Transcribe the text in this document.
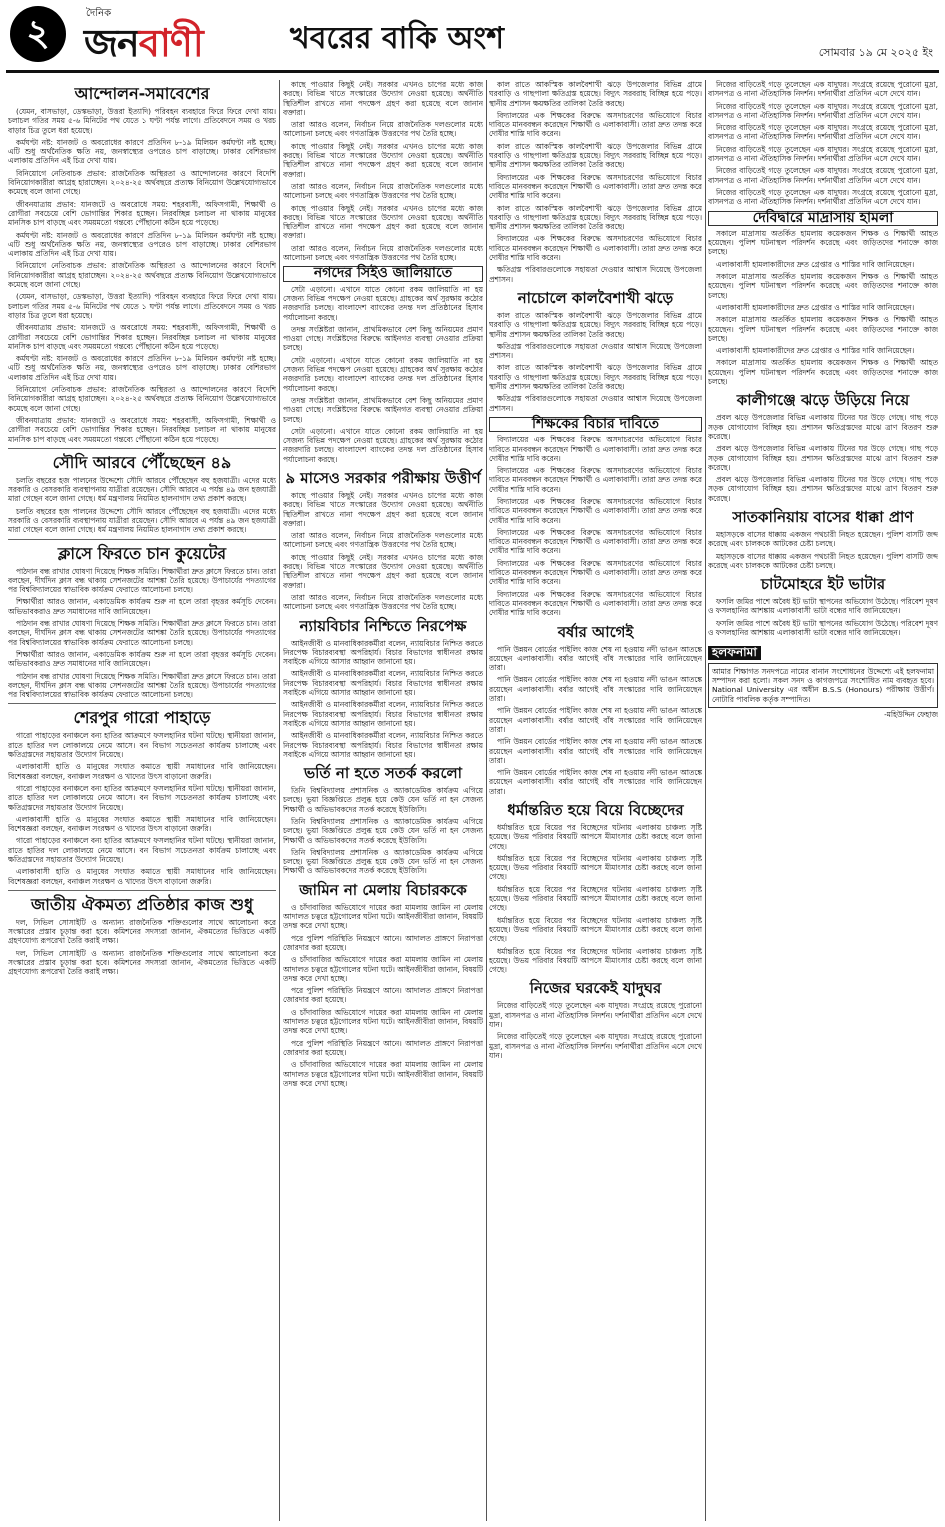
২	দৈনিক
জনবাণী	খবরের বাকি অংশ	সোমবার ১৯ মে ২০২৫ ইং
আন্দোলন-সমাবেশের

(যেমন, বাসভাড়া, ডেস্কভাড়া, উত্তরা ইত্যাদি) পরিবহন ব্যবহারে ফিরে ফিরে দেখা যায়। চলাচল গতির সময় ৫-৬ মিনিটের পথ যেতে ১ ঘণ্টা পর্যন্ত লাগে। প্রতিবেদনে সময় ও খরচ বাড়ার চিত্র তুলে ধরা হয়েছে।

কর্মঘণ্টা নষ্ট: যানজট ও অবরোধের কারণে প্রতিদিন ৮-১৯ মিলিয়ন কর্মঘণ্টা নষ্ট হচ্ছে। এটি শুধু অর্থনৈতিক ক্ষতি নয়, জনস্বাস্থ্যের ওপরেও চাপ বাড়াচ্ছে। ঢাকার বেশিরভাগ এলাকায় প্রতিদিন এই চিত্র দেখা যায়।

বিনিয়োগে নেতিবাচক প্রভাব: রাজনৈতিক অস্থিরতা ও আন্দোলনের কারণে বিদেশি বিনিয়োগকারীরা আগ্রহ হারাচ্ছেন। ২০২৪-২৫ অর্থবছরে প্রত্যক্ষ বিনিয়োগ উল্লেখযোগ্যভাবে কমেছে বলে জানা গেছে।

জীবনযাত্রায় প্রভাব: যানজটে ও অবরোধে সময়: শহরবাসী, অফিসগামী, শিক্ষার্থী ও রোগীরা সবচেয়ে বেশি ভোগান্তির শিকার হচ্ছেন। নিরবচ্ছিন্ন চলাচল না থাকায় মানুষের মানসিক চাপ বাড়ছে এবং সময়মতো গন্তব্যে পৌঁছানো কঠিন হয়ে পড়েছে।

কর্মঘণ্টা নষ্ট: যানজট ও অবরোধের কারণে প্রতিদিন ৮-১৯ মিলিয়ন কর্মঘণ্টা নষ্ট হচ্ছে। এটি শুধু অর্থনৈতিক ক্ষতি নয়, জনস্বাস্থ্যের ওপরেও চাপ বাড়াচ্ছে। ঢাকার বেশিরভাগ এলাকায় প্রতিদিন এই চিত্র দেখা যায়।

বিনিয়োগে নেতিবাচক প্রভাব: রাজনৈতিক অস্থিরতা ও আন্দোলনের কারণে বিদেশি বিনিয়োগকারীরা আগ্রহ হারাচ্ছেন। ২০২৪-২৫ অর্থবছরে প্রত্যক্ষ বিনিয়োগ উল্লেখযোগ্যভাবে কমেছে বলে জানা গেছে।

(যেমন, বাসভাড়া, ডেস্কভাড়া, উত্তরা ইত্যাদি) পরিবহন ব্যবহারে ফিরে ফিরে দেখা যায়। চলাচল গতির সময় ৫-৬ মিনিটের পথ যেতে ১ ঘণ্টা পর্যন্ত লাগে। প্রতিবেদনে সময় ও খরচ বাড়ার চিত্র তুলে ধরা হয়েছে।

জীবনযাত্রায় প্রভাব: যানজটে ও অবরোধে সময়: শহরবাসী, অফিসগামী, শিক্ষার্থী ও রোগীরা সবচেয়ে বেশি ভোগান্তির শিকার হচ্ছেন। নিরবচ্ছিন্ন চলাচল না থাকায় মানুষের মানসিক চাপ বাড়ছে এবং সময়মতো গন্তব্যে পৌঁছানো কঠিন হয়ে পড়েছে।

কর্মঘণ্টা নষ্ট: যানজট ও অবরোধের কারণে প্রতিদিন ৮-১৯ মিলিয়ন কর্মঘণ্টা নষ্ট হচ্ছে। এটি শুধু অর্থনৈতিক ক্ষতি নয়, জনস্বাস্থ্যের ওপরেও চাপ বাড়াচ্ছে। ঢাকার বেশিরভাগ এলাকায় প্রতিদিন এই চিত্র দেখা যায়।

বিনিয়োগে নেতিবাচক প্রভাব: রাজনৈতিক অস্থিরতা ও আন্দোলনের কারণে বিদেশি বিনিয়োগকারীরা আগ্রহ হারাচ্ছেন। ২০২৪-২৫ অর্থবছরে প্রত্যক্ষ বিনিয়োগ উল্লেখযোগ্যভাবে কমেছে বলে জানা গেছে।

জীবনযাত্রায় প্রভাব: যানজটে ও অবরোধে সময়: শহরবাসী, অফিসগামী, শিক্ষার্থী ও রোগীরা সবচেয়ে বেশি ভোগান্তির শিকার হচ্ছেন। নিরবচ্ছিন্ন চলাচল না থাকায় মানুষের মানসিক চাপ বাড়ছে এবং সময়মতো গন্তব্যে পৌঁছানো কঠিন হয়ে পড়েছে।

সৌদি আরবে পৌঁছেছেন ৪৯

চলতি বছরের হজ পালনের উদ্দেশ্যে সৌদি আরবে পৌঁছেছেন বহু হজযাত্রী। এদের মধ্যে সরকারি ও বেসরকারি ব্যবস্থাপনায় যাত্রীরা রয়েছেন। সৌদি আরবে এ পর্যন্ত ৪৯ জন হজযাত্রী মারা গেছেন বলে জানা গেছে। ধর্ম মন্ত্রণালয় নিয়মিত হালনাগাদ তথ্য প্রকাশ করছে।

চলতি বছরের হজ পালনের উদ্দেশ্যে সৌদি আরবে পৌঁছেছেন বহু হজযাত্রী। এদের মধ্যে সরকারি ও বেসরকারি ব্যবস্থাপনায় যাত্রীরা রয়েছেন। সৌদি আরবে এ পর্যন্ত ৪৯ জন হজযাত্রী মারা গেছেন বলে জানা গেছে। ধর্ম মন্ত্রণালয় নিয়মিত হালনাগাদ তথ্য প্রকাশ করছে।

ক্লাসে ফিরতে চান কুয়েটের

পাঠদান বন্ধ রাখার ঘোষণা দিয়েছে শিক্ষক সমিতি। শিক্ষার্থীরা দ্রুত ক্লাসে ফিরতে চান। তারা বলছেন, দীর্ঘদিন ক্লাস বন্ধ থাকায় সেশনজটের আশঙ্কা তৈরি হয়েছে। উপাচার্যের পদত্যাগের পর বিশ্ববিদ্যালয়ের স্বাভাবিক কার্যক্রম ফেরাতে আলোচনা চলছে।

শিক্ষার্থীরা আরও জানান, একাডেমিক কার্যক্রম শুরু না হলে তারা বৃহত্তর কর্মসূচি দেবেন। অভিভাবকরাও দ্রুত সমাধানের দাবি জানিয়েছেন।

পাঠদান বন্ধ রাখার ঘোষণা দিয়েছে শিক্ষক সমিতি। শিক্ষার্থীরা দ্রুত ক্লাসে ফিরতে চান। তারা বলছেন, দীর্ঘদিন ক্লাস বন্ধ থাকায় সেশনজটের আশঙ্কা তৈরি হয়েছে। উপাচার্যের পদত্যাগের পর বিশ্ববিদ্যালয়ের স্বাভাবিক কার্যক্রম ফেরাতে আলোচনা চলছে।

শিক্ষার্থীরা আরও জানান, একাডেমিক কার্যক্রম শুরু না হলে তারা বৃহত্তর কর্মসূচি দেবেন। অভিভাবকরাও দ্রুত সমাধানের দাবি জানিয়েছেন।

পাঠদান বন্ধ রাখার ঘোষণা দিয়েছে শিক্ষক সমিতি। শিক্ষার্থীরা দ্রুত ক্লাসে ফিরতে চান। তারা বলছেন, দীর্ঘদিন ক্লাস বন্ধ থাকায় সেশনজটের আশঙ্কা তৈরি হয়েছে। উপাচার্যের পদত্যাগের পর বিশ্ববিদ্যালয়ের স্বাভাবিক কার্যক্রম ফেরাতে আলোচনা চলছে।

শেরপুর গারো পাহাড়ে

গারো পাহাড়ের বনাঞ্চলে বন্য হাতির আক্রমণে ফসলহানির ঘটনা ঘটছে। স্থানীয়রা জানান, রাতে হাতির দল লোকালয়ে নেমে আসে। বন বিভাগ সচেতনতা কার্যক্রম চালাচ্ছে এবং ক্ষতিগ্রস্তদের সহায়তার উদ্যোগ নিয়েছে।

এলাকাবাসী হাতি ও মানুষের সংঘাত কমাতে স্থায়ী সমাধানের দাবি জানিয়েছেন। বিশেষজ্ঞরা বলছেন, বনাঞ্চল সংরক্ষণ ও খাদ্যের উৎস বাড়ানো জরুরি।

গারো পাহাড়ের বনাঞ্চলে বন্য হাতির আক্রমণে ফসলহানির ঘটনা ঘটছে। স্থানীয়রা জানান, রাতে হাতির দল লোকালয়ে নেমে আসে। বন বিভাগ সচেতনতা কার্যক্রম চালাচ্ছে এবং ক্ষতিগ্রস্তদের সহায়তার উদ্যোগ নিয়েছে।

এলাকাবাসী হাতি ও মানুষের সংঘাত কমাতে স্থায়ী সমাধানের দাবি জানিয়েছেন। বিশেষজ্ঞরা বলছেন, বনাঞ্চল সংরক্ষণ ও খাদ্যের উৎস বাড়ানো জরুরি।

গারো পাহাড়ের বনাঞ্চলে বন্য হাতির আক্রমণে ফসলহানির ঘটনা ঘটছে। স্থানীয়রা জানান, রাতে হাতির দল লোকালয়ে নেমে আসে। বন বিভাগ সচেতনতা কার্যক্রম চালাচ্ছে এবং ক্ষতিগ্রস্তদের সহায়তার উদ্যোগ নিয়েছে।

এলাকাবাসী হাতি ও মানুষের সংঘাত কমাতে স্থায়ী সমাধানের দাবি জানিয়েছেন। বিশেষজ্ঞরা বলছেন, বনাঞ্চল সংরক্ষণ ও খাদ্যের উৎস বাড়ানো জরুরি।

জাতীয় ঐকমত্য প্রতিষ্ঠার কাজ শুধু

দল, সিভিল সোসাইটি ও অন্যান্য রাজনৈতিক শক্তিগুলোর সাথে আলোচনা করে সংস্কারের প্রস্তাব চূড়ান্ত করা হবে। কমিশনের সদস্যরা জানান, ঐকমত্যের ভিত্তিতে একটি গ্রহণযোগ্য রূপরেখা তৈরি করাই লক্ষ্য।

দল, সিভিল সোসাইটি ও অন্যান্য রাজনৈতিক শক্তিগুলোর সাথে আলোচনা করে সংস্কারের প্রস্তাব চূড়ান্ত করা হবে। কমিশনের সদস্যরা জানান, ঐকমত্যের ভিত্তিতে একটি গ্রহণযোগ্য রূপরেখা তৈরি করাই লক্ষ্য।

কাছে পাওয়ার কিছুই নেই। সরকার এখনও চাপের মধ্যে কাজ করছে। বিভিন্ন খাতে সংস্কারের উদ্যোগ নেওয়া হয়েছে। অর্থনীতি স্থিতিশীল রাখতে নানা পদক্ষেপ গ্রহণ করা হয়েছে বলে জানান বক্তারা।

তারা আরও বলেন, নির্বাচন নিয়ে রাজনৈতিক দলগুলোর মধ্যে আলোচনা চলছে এবং গণতান্ত্রিক উত্তরণের পথ তৈরি হচ্ছে।

কাছে পাওয়ার কিছুই নেই। সরকার এখনও চাপের মধ্যে কাজ করছে। বিভিন্ন খাতে সংস্কারের উদ্যোগ নেওয়া হয়েছে। অর্থনীতি স্থিতিশীল রাখতে নানা পদক্ষেপ গ্রহণ করা হয়েছে বলে জানান বক্তারা।

তারা আরও বলেন, নির্বাচন নিয়ে রাজনৈতিক দলগুলোর মধ্যে আলোচনা চলছে এবং গণতান্ত্রিক উত্তরণের পথ তৈরি হচ্ছে।

কাছে পাওয়ার কিছুই নেই। সরকার এখনও চাপের মধ্যে কাজ করছে। বিভিন্ন খাতে সংস্কারের উদ্যোগ নেওয়া হয়েছে। অর্থনীতি স্থিতিশীল রাখতে নানা পদক্ষেপ গ্রহণ করা হয়েছে বলে জানান বক্তারা।

তারা আরও বলেন, নির্বাচন নিয়ে রাজনৈতিক দলগুলোর মধ্যে আলোচনা চলছে এবং গণতান্ত্রিক উত্তরণের পথ তৈরি হচ্ছে।

নগদের সিইও জালিয়াতে

সেটা এড়ানো। এখানে যাতে কোনো রকম জালিয়াতি না হয় সেজন্য বিভিন্ন পদক্ষেপ নেওয়া হয়েছে। গ্রাহকের অর্থ সুরক্ষায় কঠোর নজরদারি চলছে। বাংলাদেশ ব্যাংকের তদন্ত দল প্রতিষ্ঠানের হিসাব পর্যালোচনা করছে।

তদন্ত সংশ্লিষ্টরা জানান, প্রাথমিকভাবে বেশ কিছু অনিয়মের প্রমাণ পাওয়া গেছে। সংশ্লিষ্টদের বিরুদ্ধে আইনগত ব্যবস্থা নেওয়ার প্রক্রিয়া চলছে।

সেটা এড়ানো। এখানে যাতে কোনো রকম জালিয়াতি না হয় সেজন্য বিভিন্ন পদক্ষেপ নেওয়া হয়েছে। গ্রাহকের অর্থ সুরক্ষায় কঠোর নজরদারি চলছে। বাংলাদেশ ব্যাংকের তদন্ত দল প্রতিষ্ঠানের হিসাব পর্যালোচনা করছে।

তদন্ত সংশ্লিষ্টরা জানান, প্রাথমিকভাবে বেশ কিছু অনিয়মের প্রমাণ পাওয়া গেছে। সংশ্লিষ্টদের বিরুদ্ধে আইনগত ব্যবস্থা নেওয়ার প্রক্রিয়া চলছে।

সেটা এড়ানো। এখানে যাতে কোনো রকম জালিয়াতি না হয় সেজন্য বিভিন্ন পদক্ষেপ নেওয়া হয়েছে। গ্রাহকের অর্থ সুরক্ষায় কঠোর নজরদারি চলছে। বাংলাদেশ ব্যাংকের তদন্ত দল প্রতিষ্ঠানের হিসাব পর্যালোচনা করছে।

৯ মাসেও সরকার পরীক্ষায় উত্তীর্ণ

কাছে পাওয়ার কিছুই নেই। সরকার এখনও চাপের মধ্যে কাজ করছে। বিভিন্ন খাতে সংস্কারের উদ্যোগ নেওয়া হয়েছে। অর্থনীতি স্থিতিশীল রাখতে নানা পদক্ষেপ গ্রহণ করা হয়েছে বলে জানান বক্তারা।

তারা আরও বলেন, নির্বাচন নিয়ে রাজনৈতিক দলগুলোর মধ্যে আলোচনা চলছে এবং গণতান্ত্রিক উত্তরণের পথ তৈরি হচ্ছে।

কাছে পাওয়ার কিছুই নেই। সরকার এখনও চাপের মধ্যে কাজ করছে। বিভিন্ন খাতে সংস্কারের উদ্যোগ নেওয়া হয়েছে। অর্থনীতি স্থিতিশীল রাখতে নানা পদক্ষেপ গ্রহণ করা হয়েছে বলে জানান বক্তারা।

তারা আরও বলেন, নির্বাচন নিয়ে রাজনৈতিক দলগুলোর মধ্যে আলোচনা চলছে এবং গণতান্ত্রিক উত্তরণের পথ তৈরি হচ্ছে।

ন্যায়বিচার নিশ্চিতে নিরপেক্ষ

আইনজীবী ও মানবাধিকারকর্মীরা বলেন, ন্যায়বিচার নিশ্চিত করতে নিরপেক্ষ বিচারব্যবস্থা অপরিহার্য। বিচার বিভাগের স্বাধীনতা রক্ষায় সবাইকে এগিয়ে আসার আহ্বান জানানো হয়।

আইনজীবী ও মানবাধিকারকর্মীরা বলেন, ন্যায়বিচার নিশ্চিত করতে নিরপেক্ষ বিচারব্যবস্থা অপরিহার্য। বিচার বিভাগের স্বাধীনতা রক্ষায় সবাইকে এগিয়ে আসার আহ্বান জানানো হয়।

আইনজীবী ও মানবাধিকারকর্মীরা বলেন, ন্যায়বিচার নিশ্চিত করতে নিরপেক্ষ বিচারব্যবস্থা অপরিহার্য। বিচার বিভাগের স্বাধীনতা রক্ষায় সবাইকে এগিয়ে আসার আহ্বান জানানো হয়।

আইনজীবী ও মানবাধিকারকর্মীরা বলেন, ন্যায়বিচার নিশ্চিত করতে নিরপেক্ষ বিচারব্যবস্থা অপরিহার্য। বিচার বিভাগের স্বাধীনতা রক্ষায় সবাইকে এগিয়ে আসার আহ্বান জানানো হয়।

ভর্তি না হতে সতর্ক করলো

তিনি বিশ্ববিদ্যালয় প্রশাসনিক ও অ্যাকাডেমিক কার্যক্রম এগিয়ে চলছে। ভুয়া বিজ্ঞপ্তিতে প্রলুব্ধ হয়ে কেউ যেন ভর্তি না হন সেজন্য শিক্ষার্থী ও অভিভাবকদের সতর্ক করেছে ইউজিসি।

তিনি বিশ্ববিদ্যালয় প্রশাসনিক ও অ্যাকাডেমিক কার্যক্রম এগিয়ে চলছে। ভুয়া বিজ্ঞপ্তিতে প্রলুব্ধ হয়ে কেউ যেন ভর্তি না হন সেজন্য শিক্ষার্থী ও অভিভাবকদের সতর্ক করেছে ইউজিসি।

তিনি বিশ্ববিদ্যালয় প্রশাসনিক ও অ্যাকাডেমিক কার্যক্রম এগিয়ে চলছে। ভুয়া বিজ্ঞপ্তিতে প্রলুব্ধ হয়ে কেউ যেন ভর্তি না হন সেজন্য শিক্ষার্থী ও অভিভাবকদের সতর্ক করেছে ইউজিসি।

জামিন না মেলায় বিচারককে

ও চাঁদাবাজির অভিযোগে দায়ের করা মামলায় জামিন না মেলায় আদালত চত্বরে হট্টগোলের ঘটনা ঘটে। আইনজীবীরা জানান, বিষয়টি তদন্ত করে দেখা হচ্ছে।

পরে পুলিশ পরিস্থিতি নিয়ন্ত্রণে আনে। আদালত প্রাঙ্গণে নিরাপত্তা জোরদার করা হয়েছে।

ও চাঁদাবাজির অভিযোগে দায়ের করা মামলায় জামিন না মেলায় আদালত চত্বরে হট্টগোলের ঘটনা ঘটে। আইনজীবীরা জানান, বিষয়টি তদন্ত করে দেখা হচ্ছে।

পরে পুলিশ পরিস্থিতি নিয়ন্ত্রণে আনে। আদালত প্রাঙ্গণে নিরাপত্তা জোরদার করা হয়েছে।

ও চাঁদাবাজির অভিযোগে দায়ের করা মামলায় জামিন না মেলায় আদালত চত্বরে হট্টগোলের ঘটনা ঘটে। আইনজীবীরা জানান, বিষয়টি তদন্ত করে দেখা হচ্ছে।

পরে পুলিশ পরিস্থিতি নিয়ন্ত্রণে আনে। আদালত প্রাঙ্গণে নিরাপত্তা জোরদার করা হয়েছে।

ও চাঁদাবাজির অভিযোগে দায়ের করা মামলায় জামিন না মেলায় আদালত চত্বরে হট্টগোলের ঘটনা ঘটে। আইনজীবীরা জানান, বিষয়টি তদন্ত করে দেখা হচ্ছে।

কাল রাতে আকস্মিক কালবৈশাখী ঝড়ে উপজেলার বিভিন্ন গ্রামে ঘরবাড়ি ও গাছপালা ক্ষতিগ্রস্ত হয়েছে। বিদ্যুৎ সরবরাহ বিচ্ছিন্ন হয়ে পড়ে। স্থানীয় প্রশাসন ক্ষয়ক্ষতির তালিকা তৈরি করছে।

বিদ্যালয়ের এক শিক্ষকের বিরুদ্ধে অসদাচরণের অভিযোগে বিচার দাবিতে মানববন্ধন করেছেন শিক্ষার্থী ও এলাকাবাসী। তারা দ্রুত তদন্ত করে দোষীর শাস্তি দাবি করেন।

কাল রাতে আকস্মিক কালবৈশাখী ঝড়ে উপজেলার বিভিন্ন গ্রামে ঘরবাড়ি ও গাছপালা ক্ষতিগ্রস্ত হয়েছে। বিদ্যুৎ সরবরাহ বিচ্ছিন্ন হয়ে পড়ে। স্থানীয় প্রশাসন ক্ষয়ক্ষতির তালিকা তৈরি করছে।

বিদ্যালয়ের এক শিক্ষকের বিরুদ্ধে অসদাচরণের অভিযোগে বিচার দাবিতে মানববন্ধন করেছেন শিক্ষার্থী ও এলাকাবাসী। তারা দ্রুত তদন্ত করে দোষীর শাস্তি দাবি করেন।

কাল রাতে আকস্মিক কালবৈশাখী ঝড়ে উপজেলার বিভিন্ন গ্রামে ঘরবাড়ি ও গাছপালা ক্ষতিগ্রস্ত হয়েছে। বিদ্যুৎ সরবরাহ বিচ্ছিন্ন হয়ে পড়ে। স্থানীয় প্রশাসন ক্ষয়ক্ষতির তালিকা তৈরি করছে।

বিদ্যালয়ের এক শিক্ষকের বিরুদ্ধে অসদাচরণের অভিযোগে বিচার দাবিতে মানববন্ধন করেছেন শিক্ষার্থী ও এলাকাবাসী। তারা দ্রুত তদন্ত করে দোষীর শাস্তি দাবি করেন।

ক্ষতিগ্রস্ত পরিবারগুলোকে সহায়তা দেওয়ার আশ্বাস দিয়েছে উপজেলা প্রশাসন।

নাচোলে কালবৈশাখী ঝড়ে

কাল রাতে আকস্মিক কালবৈশাখী ঝড়ে উপজেলার বিভিন্ন গ্রামে ঘরবাড়ি ও গাছপালা ক্ষতিগ্রস্ত হয়েছে। বিদ্যুৎ সরবরাহ বিচ্ছিন্ন হয়ে পড়ে। স্থানীয় প্রশাসন ক্ষয়ক্ষতির তালিকা তৈরি করছে।

ক্ষতিগ্রস্ত পরিবারগুলোকে সহায়তা দেওয়ার আশ্বাস দিয়েছে উপজেলা প্রশাসন।

কাল রাতে আকস্মিক কালবৈশাখী ঝড়ে উপজেলার বিভিন্ন গ্রামে ঘরবাড়ি ও গাছপালা ক্ষতিগ্রস্ত হয়েছে। বিদ্যুৎ সরবরাহ বিচ্ছিন্ন হয়ে পড়ে। স্থানীয় প্রশাসন ক্ষয়ক্ষতির তালিকা তৈরি করছে।

ক্ষতিগ্রস্ত পরিবারগুলোকে সহায়তা দেওয়ার আশ্বাস দিয়েছে উপজেলা প্রশাসন।

শিক্ষকের বিচার দাবিতে

বিদ্যালয়ের এক শিক্ষকের বিরুদ্ধে অসদাচরণের অভিযোগে বিচার দাবিতে মানববন্ধন করেছেন শিক্ষার্থী ও এলাকাবাসী। তারা দ্রুত তদন্ত করে দোষীর শাস্তি দাবি করেন।

বিদ্যালয়ের এক শিক্ষকের বিরুদ্ধে অসদাচরণের অভিযোগে বিচার দাবিতে মানববন্ধন করেছেন শিক্ষার্থী ও এলাকাবাসী। তারা দ্রুত তদন্ত করে দোষীর শাস্তি দাবি করেন।

বিদ্যালয়ের এক শিক্ষকের বিরুদ্ধে অসদাচরণের অভিযোগে বিচার দাবিতে মানববন্ধন করেছেন শিক্ষার্থী ও এলাকাবাসী। তারা দ্রুত তদন্ত করে দোষীর শাস্তি দাবি করেন।

বিদ্যালয়ের এক শিক্ষকের বিরুদ্ধে অসদাচরণের অভিযোগে বিচার দাবিতে মানববন্ধন করেছেন শিক্ষার্থী ও এলাকাবাসী। তারা দ্রুত তদন্ত করে দোষীর শাস্তি দাবি করেন।

বিদ্যালয়ের এক শিক্ষকের বিরুদ্ধে অসদাচরণের অভিযোগে বিচার দাবিতে মানববন্ধন করেছেন শিক্ষার্থী ও এলাকাবাসী। তারা দ্রুত তদন্ত করে দোষীর শাস্তি দাবি করেন।

বিদ্যালয়ের এক শিক্ষকের বিরুদ্ধে অসদাচরণের অভিযোগে বিচার দাবিতে মানববন্ধন করেছেন শিক্ষার্থী ও এলাকাবাসী। তারা দ্রুত তদন্ত করে দোষীর শাস্তি দাবি করেন।

বর্ষার আগেই

পানি উন্নয়ন বোর্ডের পাইলিং কাজ শেষ না হওয়ায় নদী ভাঙন আতঙ্কে রয়েছেন এলাকাবাসী। বর্ষার আগেই বাঁধ সংস্কারের দাবি জানিয়েছেন তারা।

পানি উন্নয়ন বোর্ডের পাইলিং কাজ শেষ না হওয়ায় নদী ভাঙন আতঙ্কে রয়েছেন এলাকাবাসী। বর্ষার আগেই বাঁধ সংস্কারের দাবি জানিয়েছেন তারা।

পানি উন্নয়ন বোর্ডের পাইলিং কাজ শেষ না হওয়ায় নদী ভাঙন আতঙ্কে রয়েছেন এলাকাবাসী। বর্ষার আগেই বাঁধ সংস্কারের দাবি জানিয়েছেন তারা।

পানি উন্নয়ন বোর্ডের পাইলিং কাজ শেষ না হওয়ায় নদী ভাঙন আতঙ্কে রয়েছেন এলাকাবাসী। বর্ষার আগেই বাঁধ সংস্কারের দাবি জানিয়েছেন তারা।

পানি উন্নয়ন বোর্ডের পাইলিং কাজ শেষ না হওয়ায় নদী ভাঙন আতঙ্কে রয়েছেন এলাকাবাসী। বর্ষার আগেই বাঁধ সংস্কারের দাবি জানিয়েছেন তারা।

ধর্মান্তরিত হয়ে বিয়ে বিচ্ছেদের

ধর্মান্তরিত হয়ে বিয়ের পর বিচ্ছেদের ঘটনায় এলাকায় চাঞ্চল্য সৃষ্টি হয়েছে। উভয় পরিবার বিষয়টি আপসে মীমাংসার চেষ্টা করছে বলে জানা গেছে।

ধর্মান্তরিত হয়ে বিয়ের পর বিচ্ছেদের ঘটনায় এলাকায় চাঞ্চল্য সৃষ্টি হয়েছে। উভয় পরিবার বিষয়টি আপসে মীমাংসার চেষ্টা করছে বলে জানা গেছে।

ধর্মান্তরিত হয়ে বিয়ের পর বিচ্ছেদের ঘটনায় এলাকায় চাঞ্চল্য সৃষ্টি হয়েছে। উভয় পরিবার বিষয়টি আপসে মীমাংসার চেষ্টা করছে বলে জানা গেছে।

ধর্মান্তরিত হয়ে বিয়ের পর বিচ্ছেদের ঘটনায় এলাকায় চাঞ্চল্য সৃষ্টি হয়েছে। উভয় পরিবার বিষয়টি আপসে মীমাংসার চেষ্টা করছে বলে জানা গেছে।

ধর্মান্তরিত হয়ে বিয়ের পর বিচ্ছেদের ঘটনায় এলাকায় চাঞ্চল্য সৃষ্টি হয়েছে। উভয় পরিবার বিষয়টি আপসে মীমাংসার চেষ্টা করছে বলে জানা গেছে।

নিজের ঘরকেই যাদুঘর

নিজের বাড়িতেই গড়ে তুলেছেন এক যাদুঘর। সংগ্রহে রয়েছে পুরোনো মুদ্রা, বাসনপত্র ও নানা ঐতিহাসিক নিদর্শন। দর্শনার্থীরা প্রতিদিন এসে দেখে যান।

নিজের বাড়িতেই গড়ে তুলেছেন এক যাদুঘর। সংগ্রহে রয়েছে পুরোনো মুদ্রা, বাসনপত্র ও নানা ঐতিহাসিক নিদর্শন। দর্শনার্থীরা প্রতিদিন এসে দেখে যান।

নিজের বাড়িতেই গড়ে তুলেছেন এক যাদুঘর। সংগ্রহে রয়েছে পুরোনো মুদ্রা, বাসনপত্র ও নানা ঐতিহাসিক নিদর্শন। দর্শনার্থীরা প্রতিদিন এসে দেখে যান।

নিজের বাড়িতেই গড়ে তুলেছেন এক যাদুঘর। সংগ্রহে রয়েছে পুরোনো মুদ্রা, বাসনপত্র ও নানা ঐতিহাসিক নিদর্শন। দর্শনার্থীরা প্রতিদিন এসে দেখে যান।

নিজের বাড়িতেই গড়ে তুলেছেন এক যাদুঘর। সংগ্রহে রয়েছে পুরোনো মুদ্রা, বাসনপত্র ও নানা ঐতিহাসিক নিদর্শন। দর্শনার্থীরা প্রতিদিন এসে দেখে যান।

নিজের বাড়িতেই গড়ে তুলেছেন এক যাদুঘর। সংগ্রহে রয়েছে পুরোনো মুদ্রা, বাসনপত্র ও নানা ঐতিহাসিক নিদর্শন। দর্শনার্থীরা প্রতিদিন এসে দেখে যান।

নিজের বাড়িতেই গড়ে তুলেছেন এক যাদুঘর। সংগ্রহে রয়েছে পুরোনো মুদ্রা, বাসনপত্র ও নানা ঐতিহাসিক নিদর্শন। দর্শনার্থীরা প্রতিদিন এসে দেখে যান।

নিজের বাড়িতেই গড়ে তুলেছেন এক যাদুঘর। সংগ্রহে রয়েছে পুরোনো মুদ্রা, বাসনপত্র ও নানা ঐতিহাসিক নিদর্শন। দর্শনার্থীরা প্রতিদিন এসে দেখে যান।

দেবিদ্বারে মাদ্রাসায় হামলা

সকালে মাদ্রাসায় অতর্কিত হামলায় কয়েকজন শিক্ষক ও শিক্ষার্থী আহত হয়েছেন। পুলিশ ঘটনাস্থল পরিদর্শন করেছে এবং জড়িতদের শনাক্তে কাজ চলছে।

এলাকাবাসী হামলাকারীদের দ্রুত গ্রেপ্তার ও শাস্তির দাবি জানিয়েছেন।

সকালে মাদ্রাসায় অতর্কিত হামলায় কয়েকজন শিক্ষক ও শিক্ষার্থী আহত হয়েছেন। পুলিশ ঘটনাস্থল পরিদর্শন করেছে এবং জড়িতদের শনাক্তে কাজ চলছে।

এলাকাবাসী হামলাকারীদের দ্রুত গ্রেপ্তার ও শাস্তির দাবি জানিয়েছেন।

সকালে মাদ্রাসায় অতর্কিত হামলায় কয়েকজন শিক্ষক ও শিক্ষার্থী আহত হয়েছেন। পুলিশ ঘটনাস্থল পরিদর্শন করেছে এবং জড়িতদের শনাক্তে কাজ চলছে।

এলাকাবাসী হামলাকারীদের দ্রুত গ্রেপ্তার ও শাস্তির দাবি জানিয়েছেন।

সকালে মাদ্রাসায় অতর্কিত হামলায় কয়েকজন শিক্ষক ও শিক্ষার্থী আহত হয়েছেন। পুলিশ ঘটনাস্থল পরিদর্শন করেছে এবং জড়িতদের শনাক্তে কাজ চলছে।

কালীগঞ্জে ঝড়ে উড়িয়ে নিয়ে

প্রবল ঝড়ে উপজেলার বিভিন্ন এলাকায় টিনের ঘর উড়ে গেছে। গাছ পড়ে সড়ক যোগাযোগ বিচ্ছিন্ন হয়। প্রশাসন ক্ষতিগ্রস্তদের মাঝে ত্রাণ বিতরণ শুরু করেছে।

প্রবল ঝড়ে উপজেলার বিভিন্ন এলাকায় টিনের ঘর উড়ে গেছে। গাছ পড়ে সড়ক যোগাযোগ বিচ্ছিন্ন হয়। প্রশাসন ক্ষতিগ্রস্তদের মাঝে ত্রাণ বিতরণ শুরু করেছে।

প্রবল ঝড়ে উপজেলার বিভিন্ন এলাকায় টিনের ঘর উড়ে গেছে। গাছ পড়ে সড়ক যোগাযোগ বিচ্ছিন্ন হয়। প্রশাসন ক্ষতিগ্রস্তদের মাঝে ত্রাণ বিতরণ শুরু করেছে।

সাতকানিয়ায় বাসের ধাক্কা প্রাণ

মহাসড়কে বাসের ধাক্কায় একজন পথচারী নিহত হয়েছেন। পুলিশ বাসটি জব্দ করেছে এবং চালককে আটকের চেষ্টা চলছে।

মহাসড়কে বাসের ধাক্কায় একজন পথচারী নিহত হয়েছেন। পুলিশ বাসটি জব্দ করেছে এবং চালককে আটকের চেষ্টা চলছে।

চাটমোহরে ইট ভাটার

ফসলি জমির পাশে অবৈধ ইট ভাটা স্থাপনের অভিযোগ উঠেছে। পরিবেশ দূষণ ও ফসলহানির আশঙ্কায় এলাকাবাসী ভাটা বন্ধের দাবি জানিয়েছেন।

ফসলি জমির পাশে অবৈধ ইট ভাটা স্থাপনের অভিযোগ উঠেছে। পরিবেশ দূষণ ও ফসলহানির আশঙ্কায় এলাকাবাসী ভাটা বন্ধের দাবি জানিয়েছেন।

হলফনামা
আমার শিক্ষাগত সনদপত্রে নামের বানান সংশোধনের উদ্দেশ্যে এই হলফনামা সম্পাদন করা হলো। সকল সনদ ও কাগজপত্রে সংশোধিত নাম ব্যবহৃত হবে। National University এর অধীন B.S.S (Honours) পরীক্ষায় উত্তীর্ণ। নোটারি পাবলিক কর্তৃক সম্পাদিত।
-মহিউদ্দিন ফেহাজ
